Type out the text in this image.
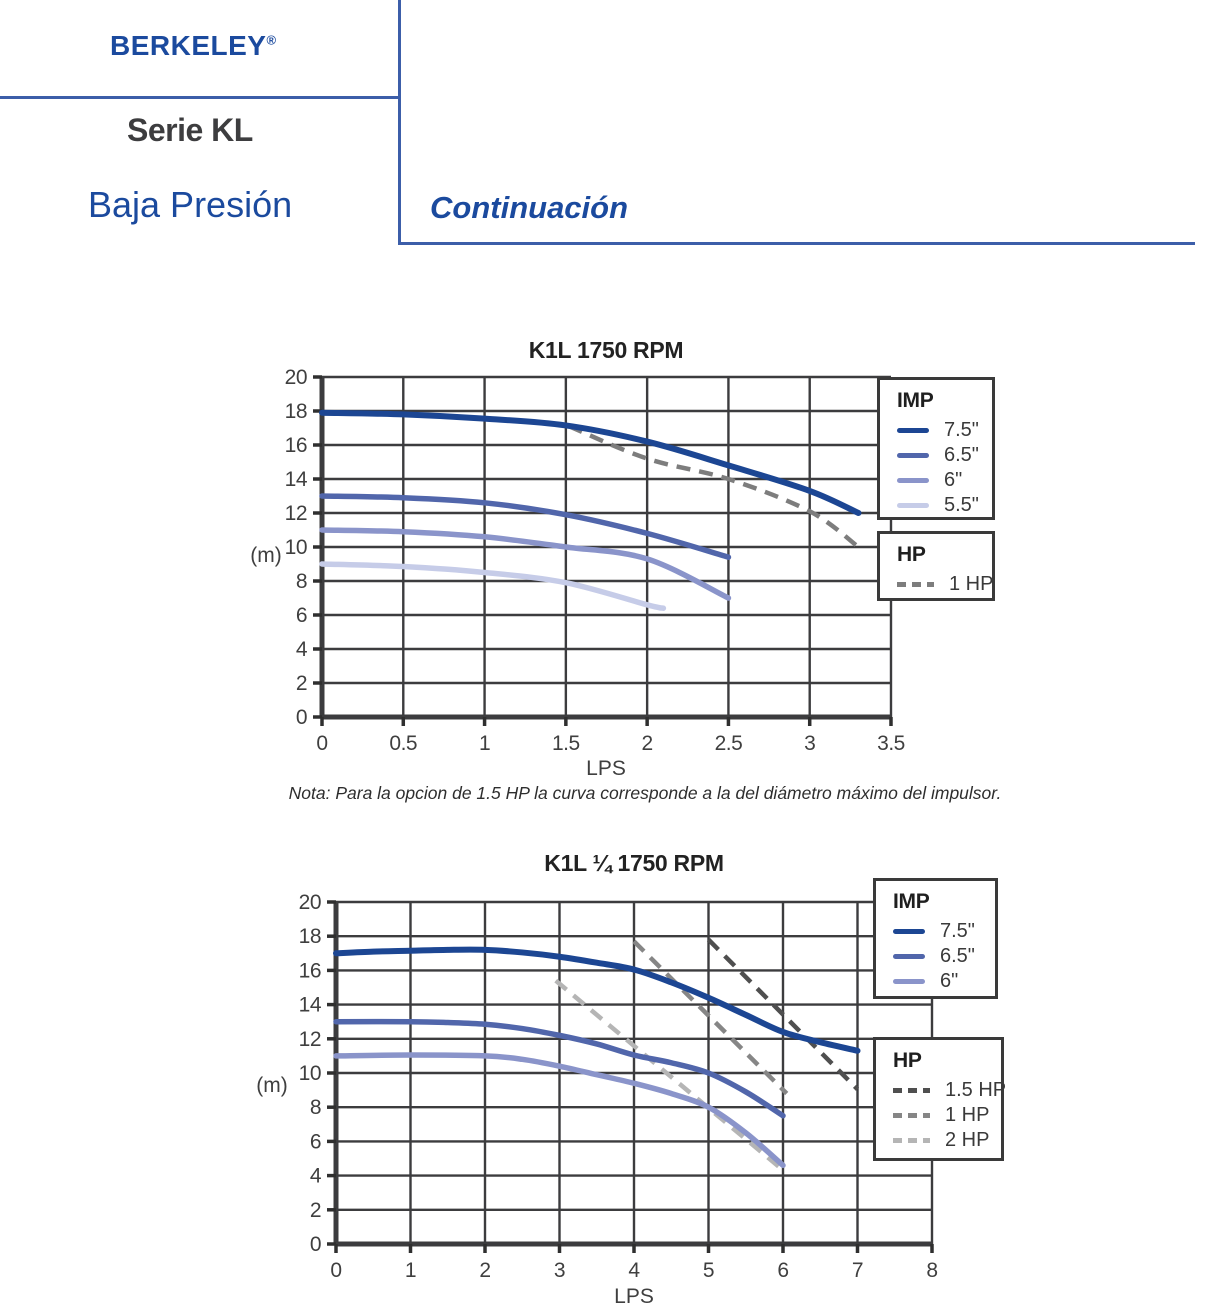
BERKELEY®
Serie KL
Baja Presión	Continuación
0
2
4
6
8
10
12
14
16
18
20
0	0.5	1	1.5	2	2.5	3	3.5
0
2
4
6
8
10
12
14
16
18
20
0	1	2	3	4	5	6	7	8
K1L 1750 RPM
(m)
LPS
Nota: Para la opcion de 1.5 HP la curva corresponde a la del diámetro máximo del impulsor.
IMP
7.5"
6.5"
6"
5.5"
HP
1 HP
K1L ¼ 1750 RPM
(m)
LPS
IMP
7.5"
6.5"
6"
HP
1.5 HP
1 HP
2 HP
